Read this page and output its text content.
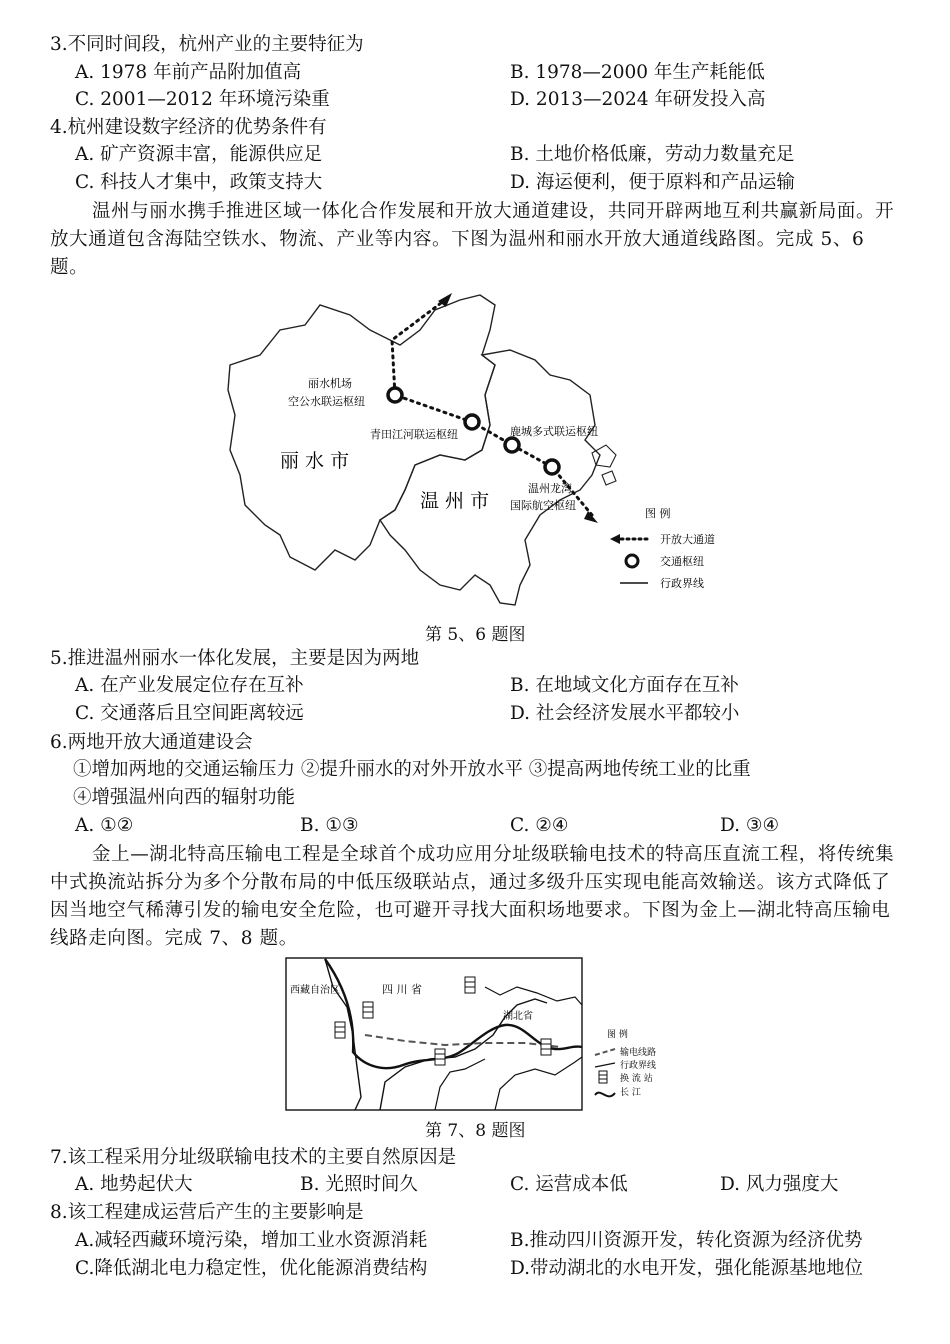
3.不同时间段，杭州产业的主要特征为
A. 1978 年前产品附加值高	B. 1978—2000 年生产耗能低
C. 2001—2012 年环境污染重	D. 2013—2024 年研发投入高
4.杭州建设数字经济的优势条件有
A. 矿产资源丰富，能源供应足	B. 土地价格低廉，劳动力数量充足
C. 科技人才集中，政策支持大	D. 海运便利，便于原料和产品运输
温州与丽水携手推进区域一体化合作发展和开放大通道建设，共同开辟两地互利共赢新局面。开放大通道包含海陆空铁水、物流、产业等内容。下图为温州和丽水开放大通道线路图。完成 5、6 题。
丽水机场
空公水联运枢纽
青田江河联运枢纽	鹿城多式联运枢纽
温州龙湾
国际航空枢纽
丽 水 市
温 州 市
图 例
开放大通道
交通枢纽
行政界线
第 5、6 题图
5.推进温州丽水一体化发展，主要是因为两地
A. 在产业发展定位存在互补	B. 在地域文化方面存在互补
C. 交通落后且空间距离较远	D. 社会经济发展水平都较小
6.两地开放大通道建设会
①增加两地的交通运输压力 ②提升丽水的对外开放水平 ③提高两地传统工业的比重
④增强温州向西的辐射功能
A. ①②	B. ①③	C. ②④	D. ③④
金上—湖北特高压输电工程是全球首个成功应用分址级联输电技术的特高压直流工程，将传统集中式换流站拆分为多个分散布局的中低压级联站点，通过多级升压实现电能高效输送。该方式降低了因当地空气稀薄引发的输电安全危险，也可避开寻找大面积场地要求。下图为金上—湖北特高压输电线路走向图。完成 7、8 题。
西藏自治区	四 川 省
湖北省
图 例
输电线路
行政界线
换 流 站
长 江
第 7、8 题图
7.该工程采用分址级联输电技术的主要自然原因是
A. 地势起伏大	B. 光照时间久	C. 运营成本低	D. 风力强度大
8.该工程建成运营后产生的主要影响是
A.减轻西藏环境污染，增加工业水资源消耗	B.推动四川资源开发，转化资源为经济优势
C.降低湖北电力稳定性，优化能源消费结构	D.带动湖北的水电开发，强化能源基地地位
